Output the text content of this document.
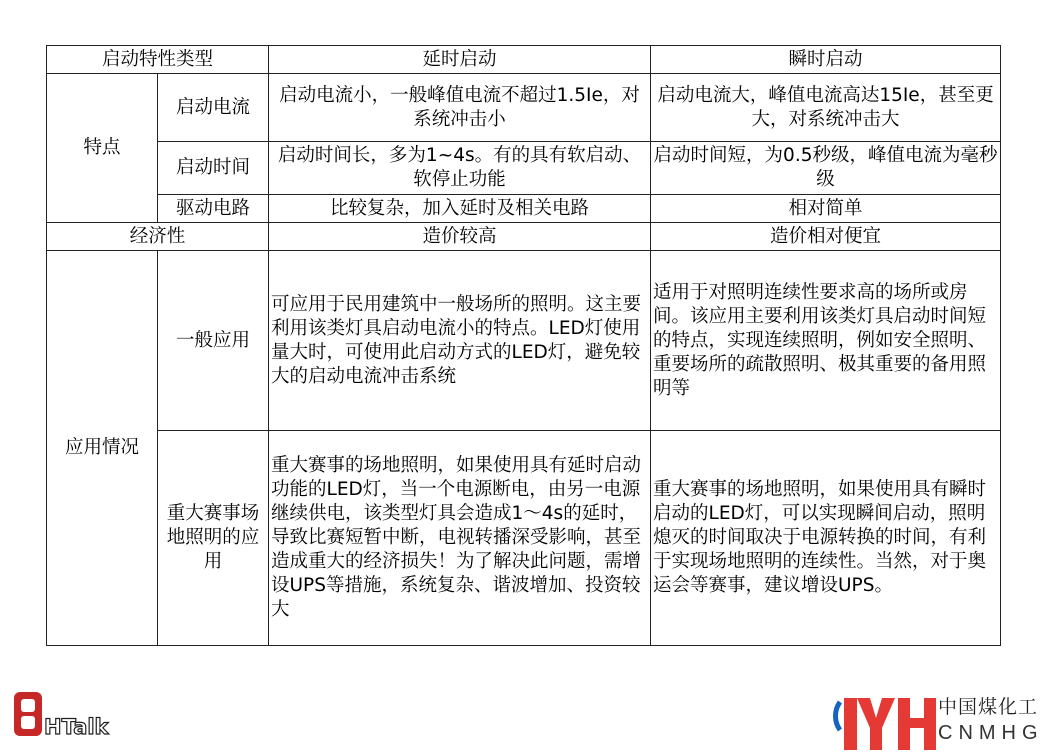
启动特性类型		延时启动	瞬时启动
特点	启动电流	启动电流小，一般峰值电流不超过1.5Ie，对系统冲击小	启动电流大，峰值电流高达15Ie，甚至更大，对系统冲击大
	启动时间	启动时间长，多为1~4s。有的具有软启动、软停止功能	启动时间短，为0.5秒级，峰值电流为毫秒级
	驱动电路	比较复杂，加入延时及相关电路	相对简单
经济性		造价较高	造价相对便宜
应用情况	一般应用	可应用于民用建筑中一般场所的照明。这主要利用该类灯具启动电流小的特点。LED灯使用量大时，可使用此启动方式的LED灯，避免较大的启动电流冲击系统	适用于对照明连续性要求高的场所或房间。该应用主要利用该类灯具启动时间短的特点，实现连续照明，例如安全照明、重要场所的疏散照明、极其重要的备用照明等
	重大赛事场地照明的应用	重大赛事的场地照明，如果使用具有延时启动功能的LED灯，当一个电源断电，由另一电源继续供电，该类型灯具会造成1～4s的延时，导致比赛短暂中断，电视转播深受影响，甚至造成重大的经济损失！为了解决此问题，需增设UPS等措施，系统复杂、谐波增加、投资较大	重大赛事的场地照明，如果使用具有瞬时启动的LED灯，可以实现瞬间启动，照明熄灭的时间取决于电源转换的时间，有利于实现场地照明的连续性。当然，对于奥运会等赛事，建议增设UPS。
HTalk
中国煤化工
CNMHG
